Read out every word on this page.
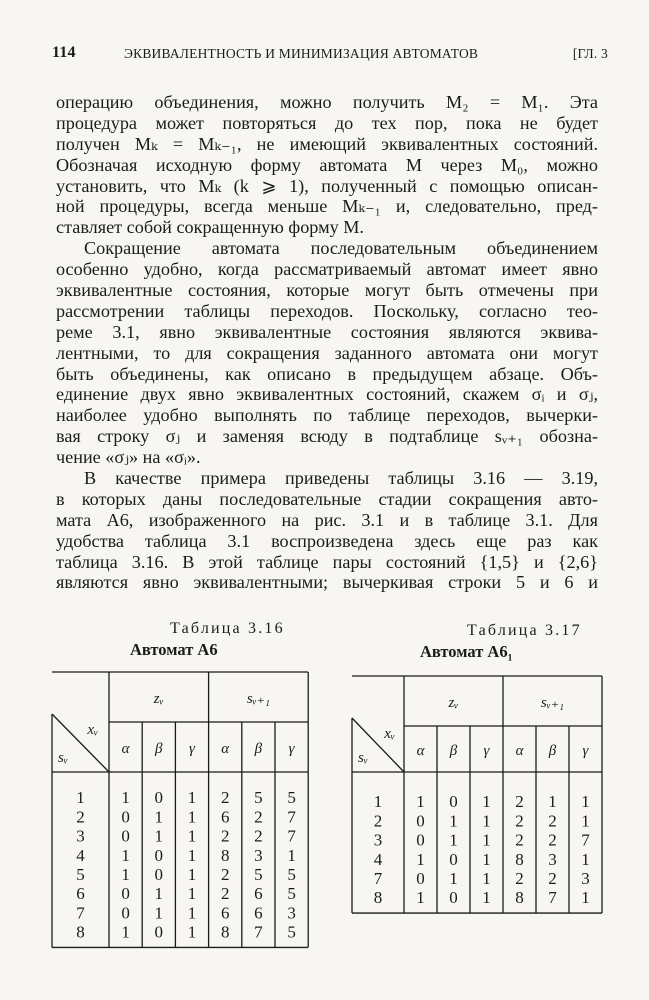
114	ЭКВИВАЛЕНТНОСТЬ И МИНИМИЗАЦИЯ АВТОМАТОВ	[ГЛ. 3
операцию объединения, можно получить M₂ = M₁. Эта
процедура может повторяться до тех пор, пока не будет
получен Mₖ = Mₖ₋₁, не имеющий эквивалентных состояний.
Обозначая исходную форму автомата M через M₀, можно
установить, что Mₖ (k ⩾ 1), полученный с помощью описан-
ной процедуры, всегда меньше Mₖ₋₁ и, следовательно, пред-
ставляет собой сокращенную форму M.
Сокращение автомата последовательным объединением
особенно удобно, когда рассматриваемый автомат имеет явно
эквивалентные состояния, которые могут быть отмечены при
рассмотрении таблицы переходов. Поскольку, согласно тео-
реме 3.1, явно эквивалентные состояния являются эквива-
лентными, то для сокращения заданного автомата они могут
быть объединены, как описано в предыдущем абзаце. Объ-
единение двух явно эквивалентных состояний, скажем σᵢ и σⱼ,
наиболее удобно выполнять по таблице переходов, вычерки-
вая строку σⱼ и заменяя всюду в подтаблице sᵥ₊₁ обозна-
чение «σⱼ» на «σᵢ».
В качестве примера приведены таблицы 3.16 — 3.19,
в которых даны последовательные стадии сокращения авто-
мата A6, изображенного на рис. 3.1 и в таблице 3.1. Для
удобства таблица 3.1 воспроизведена здесь еще раз как
таблица 3.16. В этой таблице пары состояний {1,5} и {2,6}
являются явно эквивалентными; вычеркивая строки 5 и 6 и
Таблица 3.16
Автомат A6
zᵥ	sᵥ₊₁
xᵥ
sᵥ
α	α
β	β
γ	γ
1 1 0 1 2 5 5
2 0 1 1 6 2 7
3 0 1 1 2 2 7
4 1 0 1 8 3 1
5 1 0 1 2 5 5
6 0 1 1 2 6 5
7 0 1 1 6 6 3
8 1 0 1 8 7 5
Таблица 3.17
Автомат A6₁
zᵥ	sᵥ₊₁
xᵥ
sᵥ	α	α
β	β
γ	γ
1 1 0 1 2 1 1
2 0 1 1 2 2 1
3 0 1 1 2 2 7
4 1 0 1 8 3 1
7 0 1 1 2 2 3
8 1 0 1 8 7 1
